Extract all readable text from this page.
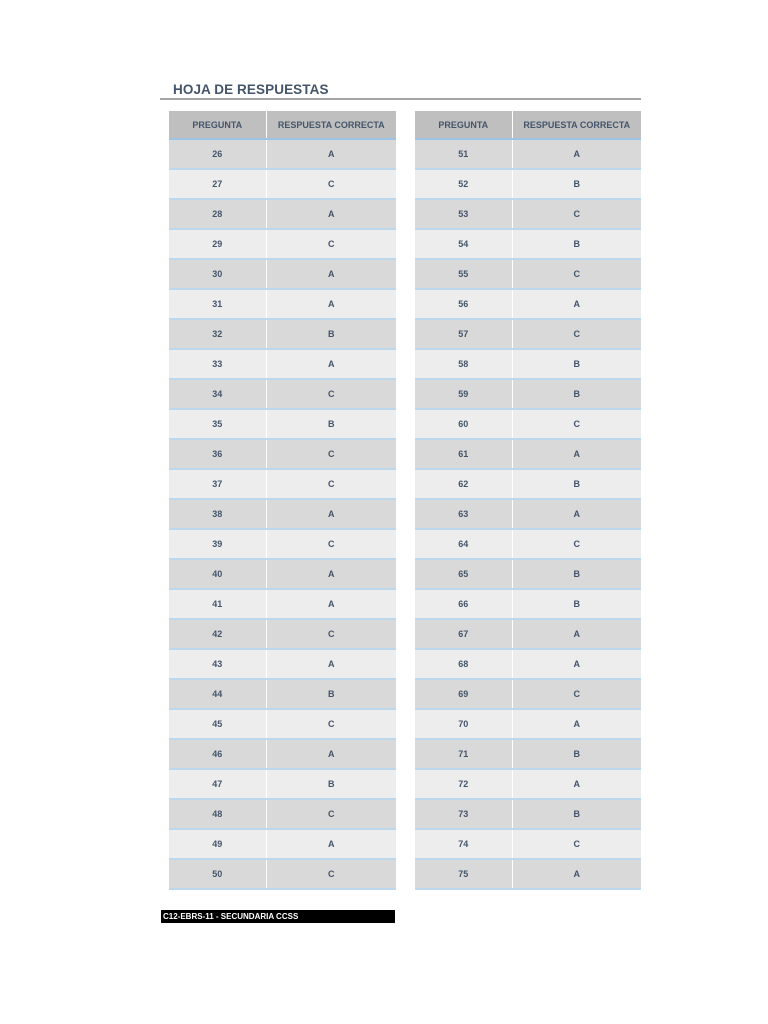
HOJA DE RESPUESTAS
PREGUNTA	RESPUESTA CORRECTA
26	A
27	C
28	A
29	C
30	A
31	A
32	B
33	A
34	C
35	B
36	C
37	C
38	A
39	C
40	A
41	A
42	C
43	A
44	B
45	C
46	A
47	B
48	C
49	A
50	C
PREGUNTA	RESPUESTA CORRECTA
51	A
52	B
53	C
54	B
55	C
56	A
57	C
58	B
59	B
60	C
61	A
62	B
63	A
64	C
65	B
66	B
67	A
68	A
69	C
70	A
71	B
72	A
73	B
74	C
75	A
C12-EBRS-11 - SECUNDARIA CCSS
